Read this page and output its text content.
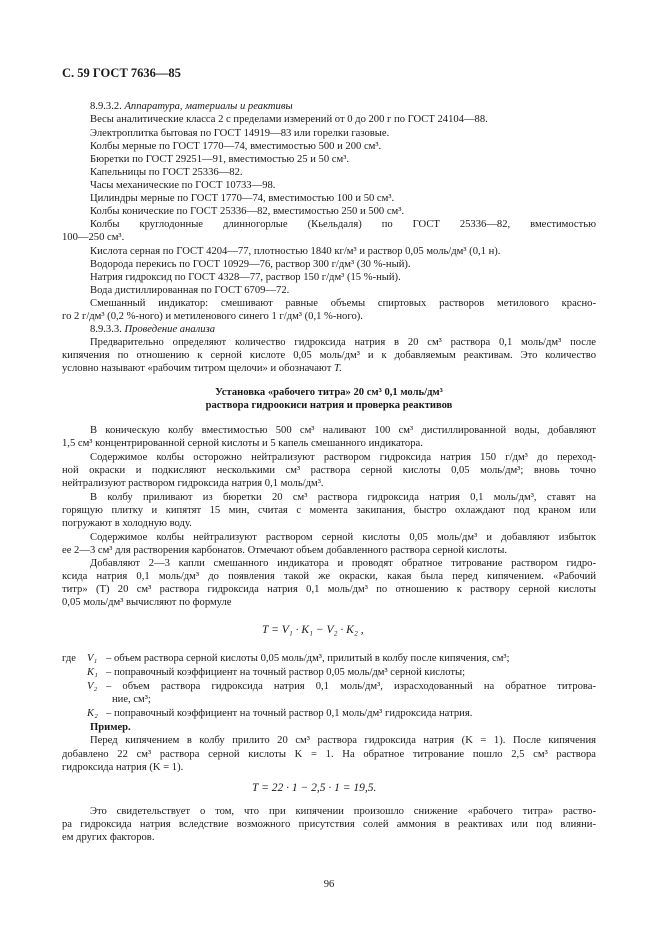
С. 59 ГОСТ 7636—85
8.9.3.2. Аппаратура, материалы и реактивы
Весы аналитические класса 2 с пределами измерений от 0 до 200 г по ГОСТ 24104—88.
Электроплитка бытовая по ГОСТ 14919—83 или горелки газовые.
Колбы мерные по ГОСТ 1770—74, вместимостью 500 и 200 см³.
Бюретки по ГОСТ 29251—91, вместимостью 25 и 50 см³.
Капельницы по ГОСТ 25336—82.
Часы механические по ГОСТ 10733—98.
Цилиндры мерные по ГОСТ 1770—74, вместимостью 100 и 50 см³.
Колбы конические по ГОСТ 25336—82, вместимостью 250 и 500 см³.
Колбы круглодонные длинногорлые (Кьельдаля) по ГОСТ 25336—82, вместимостью
100—250 см³.
Кислота серная по ГОСТ 4204—77, плотностью 1840 кг/м³ и раствор 0,05 моль/дм³ (0,1 н).
Водорода перекись по ГОСТ 10929—76, раствор 300 г/дм³ (30 %-ный).
Натрия гидроксид по ГОСТ 4328—77, раствор 150 г/дм³ (15 %-ный).
Вода дистиллированная по ГОСТ 6709—72.
Смешанный индикатор: смешивают равные объемы спиртовых растворов метилового красно-
го 2 г/дм³ (0,2 %-ного) и метиленового синего 1 г/дм³ (0,1 %-ного).
8.9.3.3. Проведение анализа
Предварительно определяют количество гидроксида натрия в 20 см³ раствора 0,1 моль/дм³ после
кипячения по отношению к серной кислоте 0,05 моль/дм³ и к добавляемым реактивам. Это количество
условно называют «рабочим титром щелочи» и обозначают Т.
Установка «рабочего титра» 20 см³ 0,1 моль/дм³
раствора гидроокиси натрия и проверка реактивов
В коническую колбу вместимостью 500 см³ наливают 100 см³ дистиллированной воды, добавляют
1,5 см³ концентрированной серной кислоты и 5 капель смешанного индикатора.
Содержимое колбы осторожно нейтрализуют раствором гидроксида натрия 150 г/дм³ до переход-
ной окраски и подкисляют несколькими см³ раствора серной кислоты 0,05 моль/дм³; вновь точно
нейтрализуют раствором гидроксида натрия 0,1 моль/дм³.
В колбу приливают из бюретки 20 см³ раствора гидроксида натрия 0,1 моль/дм³, ставят на
горящую плитку и кипятят 15 мин, считая с момента закипания, быстро охлаждают под краном или
погружают в холодную воду.
Содержимое колбы нейтрализуют раствором серной кислоты 0,05 моль/дм³ и добавляют избыток
ее 2—3 см³ для растворения карбонатов. Отмечают объем добавленного раствора серной кислоты.
Добавляют 2—3 капли смешанного индикатора и проводят обратное титрование раствором гидро-
ксида натрия 0,1 моль/дм³ до появления такой же окраски, какая была перед кипячением. «Рабочий
титр» (Т) 20 см³ раствора гидроксида натрия 0,1 моль/дм³ по отношению к раствору серной кислоты
0,05 моль/дм³ вычисляют по формуле
T = V₁ · K₁ − V₂ · K₂ ,
где V₁ – объем раствора серной кислоты 0,05 моль/дм³, прилитый в колбу после кипячения, см³;
K₁ – поправочный коэффициент на точный раствор 0,05 моль/дм³ серной кислоты;
V₂ – объем раствора гидроксида натрия 0,1 моль/дм³, израсходованный на обратное титрова-
ние, см³;
K₂ – поправочный коэффициент на точный раствор 0,1 моль/дм³ гидроксида натрия.
Пример.
Перед кипячением в колбу прилито 20 см³ раствора гидроксида натрия (K = 1). После кипячения
добавлено 22 см³ раствора серной кислоты K = 1. На обратное титрование пошло 2,5 см³ раствора
гидроксида натрия (K = 1).
T = 22 · 1 − 2,5 · 1 = 19,5.
Это свидетельствует о том, что при кипячении произошло снижение «рабочего титра» раство-
ра гидроксида натрия вследствие возможного присутствия солей аммония в реактивах или под влияни-
ем других факторов.
96
